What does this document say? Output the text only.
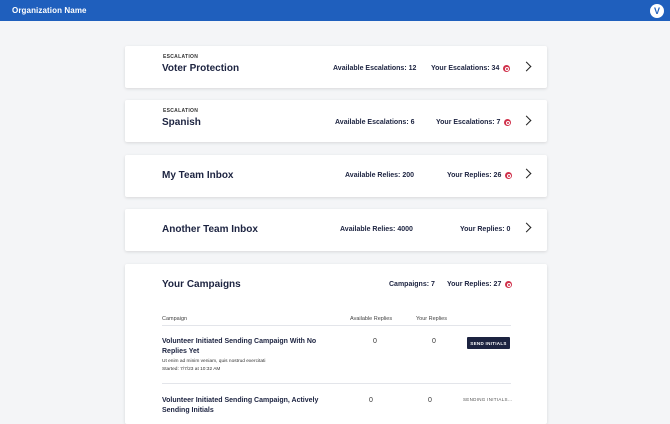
Organization Name	V
ESCALATION
Voter Protection	Available Escalations: 12 Your Escalations: 34
ESCALATION
Spanish	Available Escalations: 6	Your Escalations: 7
My Team Inbox	Available Relies: 200	Your Replies: 26
Another Team Inbox	Available Relies: 4000	Your Replies: 0
Your Campaigns	Campaigns: 7 Your Replies: 27
Campaign	Available Replies	Your Replies
Volunteer Initiated Sending Campaign With No Replies Yet
Ut enim ad minim veniam, quis nostrud exercitati
Started: 7/7/23 at 10:32 AM
0	0	SEND INITIALS
Volunteer Initiated Sending Campaign, Actively Sending Initials
0	0	SENDING INITIALS...
